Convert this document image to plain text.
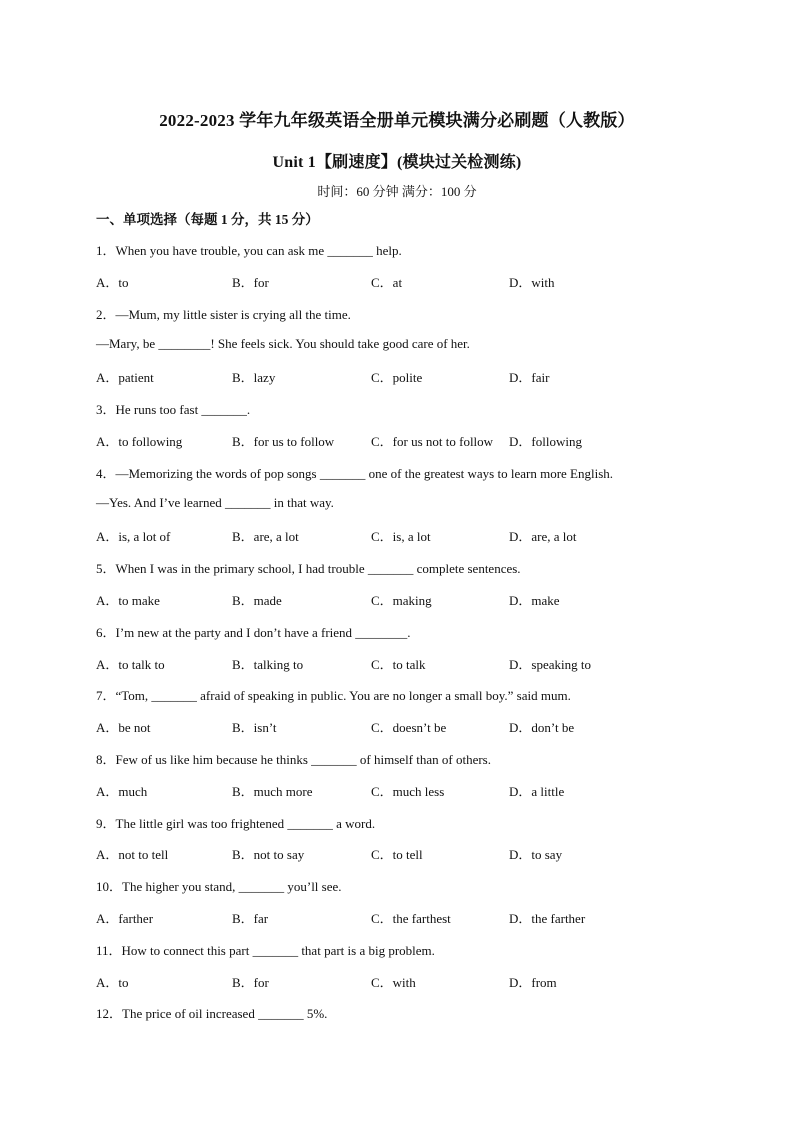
2022-2023 学年九年级英语全册单元模块满分必刷题（人教版）
Unit 1【刷速度】(模块过关检测练)
时间：60 分钟 满分：100 分
一、单项选择（每题 1 分，共 15 分）
1．When you have trouble, you can ask me _______ help.
A．to	B．for	C．at	D．with
2．—Mum, my little sister is crying all the time.
—Mary, be ________! She feels sick. You should take good care of her.
A．patient	B．lazy	C．polite	D．fair
3．He runs too fast _______.
A．to following	B．for us to follow	C．for us not to follow D．following
4．—Memorizing the words of pop songs _______ one of the greatest ways to learn more English.
—Yes. And I’ve learned _______ in that way.
A．is, a lot of	B．are, a lot	C．is, a lot	D．are, a lot
5．When I was in the primary school, I had trouble _______ complete sentences.
A．to make	B．made	C．making	D．make
6．I’m new at the party and I don’t have a friend ________.
A．to talk to	B．talking to	C．to talk	D．speaking to
7．“Tom, _______ afraid of speaking in public. You are no longer a small boy.” said mum.
A．be not	B．isn’t	C．doesn’t be	D．don’t be
8．Few of us like him because he thinks _______ of himself than of others.
A．much	B．much more	C．much less	D．a little
9．The little girl was too frightened _______ a word.
A．not to tell	B．not to say	C．to tell	D．to say
10．The higher you stand, _______ you’ll see.
A．farther	B．far	C．the farthest	D．the farther
11．How to connect this part _______ that part is a big problem.
A．to	B．for	C．with	D．from
12．The price of oil increased _______ 5%.
